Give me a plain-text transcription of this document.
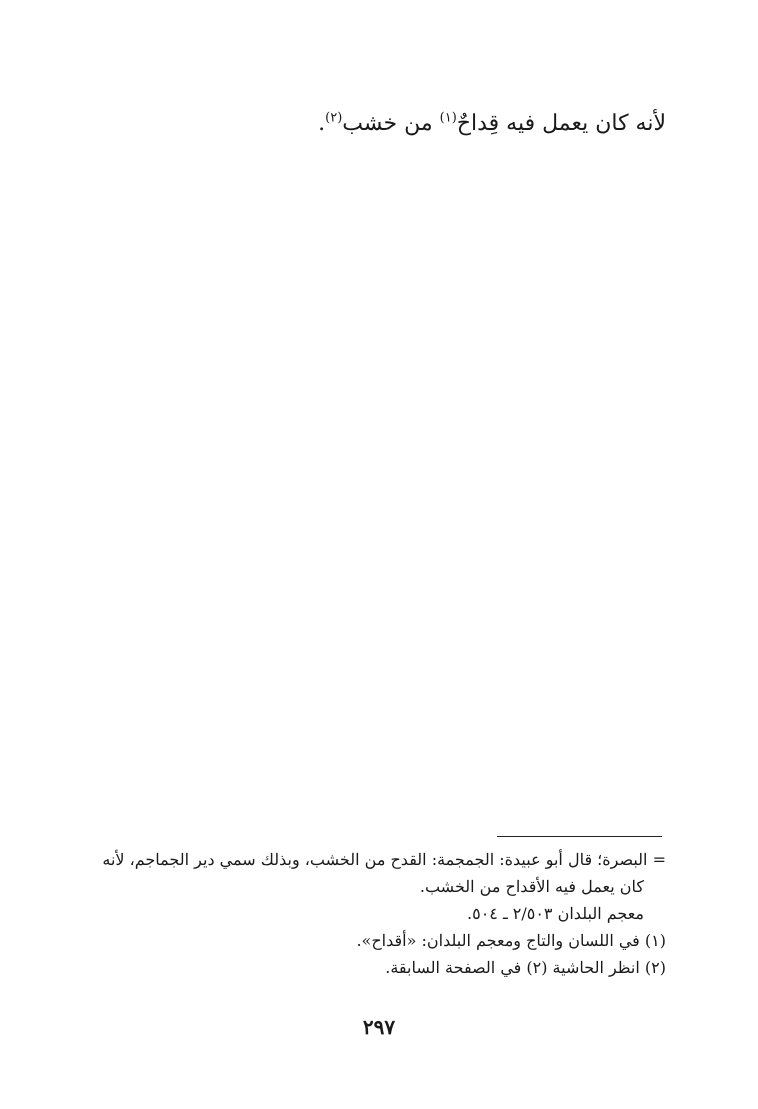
لأنه كان يعمل فيه قِداحٌ$^{(١)}$ من خشب$^{(٢)}$.
= البصرة؛ قال أبو عبيدة: الجمجمة: القدح من الخشب، وبذلك سمي دير الجماجم، لأنه
كان يعمل فيه الأقداح من الخشب.
معجم البلدان ٢/٥٠٣ ـ ٥٠٤.
(١) في اللسان والتاج ومعجم البلدان: «أقداح».
(٢) انظر الحاشية (٢) في الصفحة السابقة.
٢٩٧
